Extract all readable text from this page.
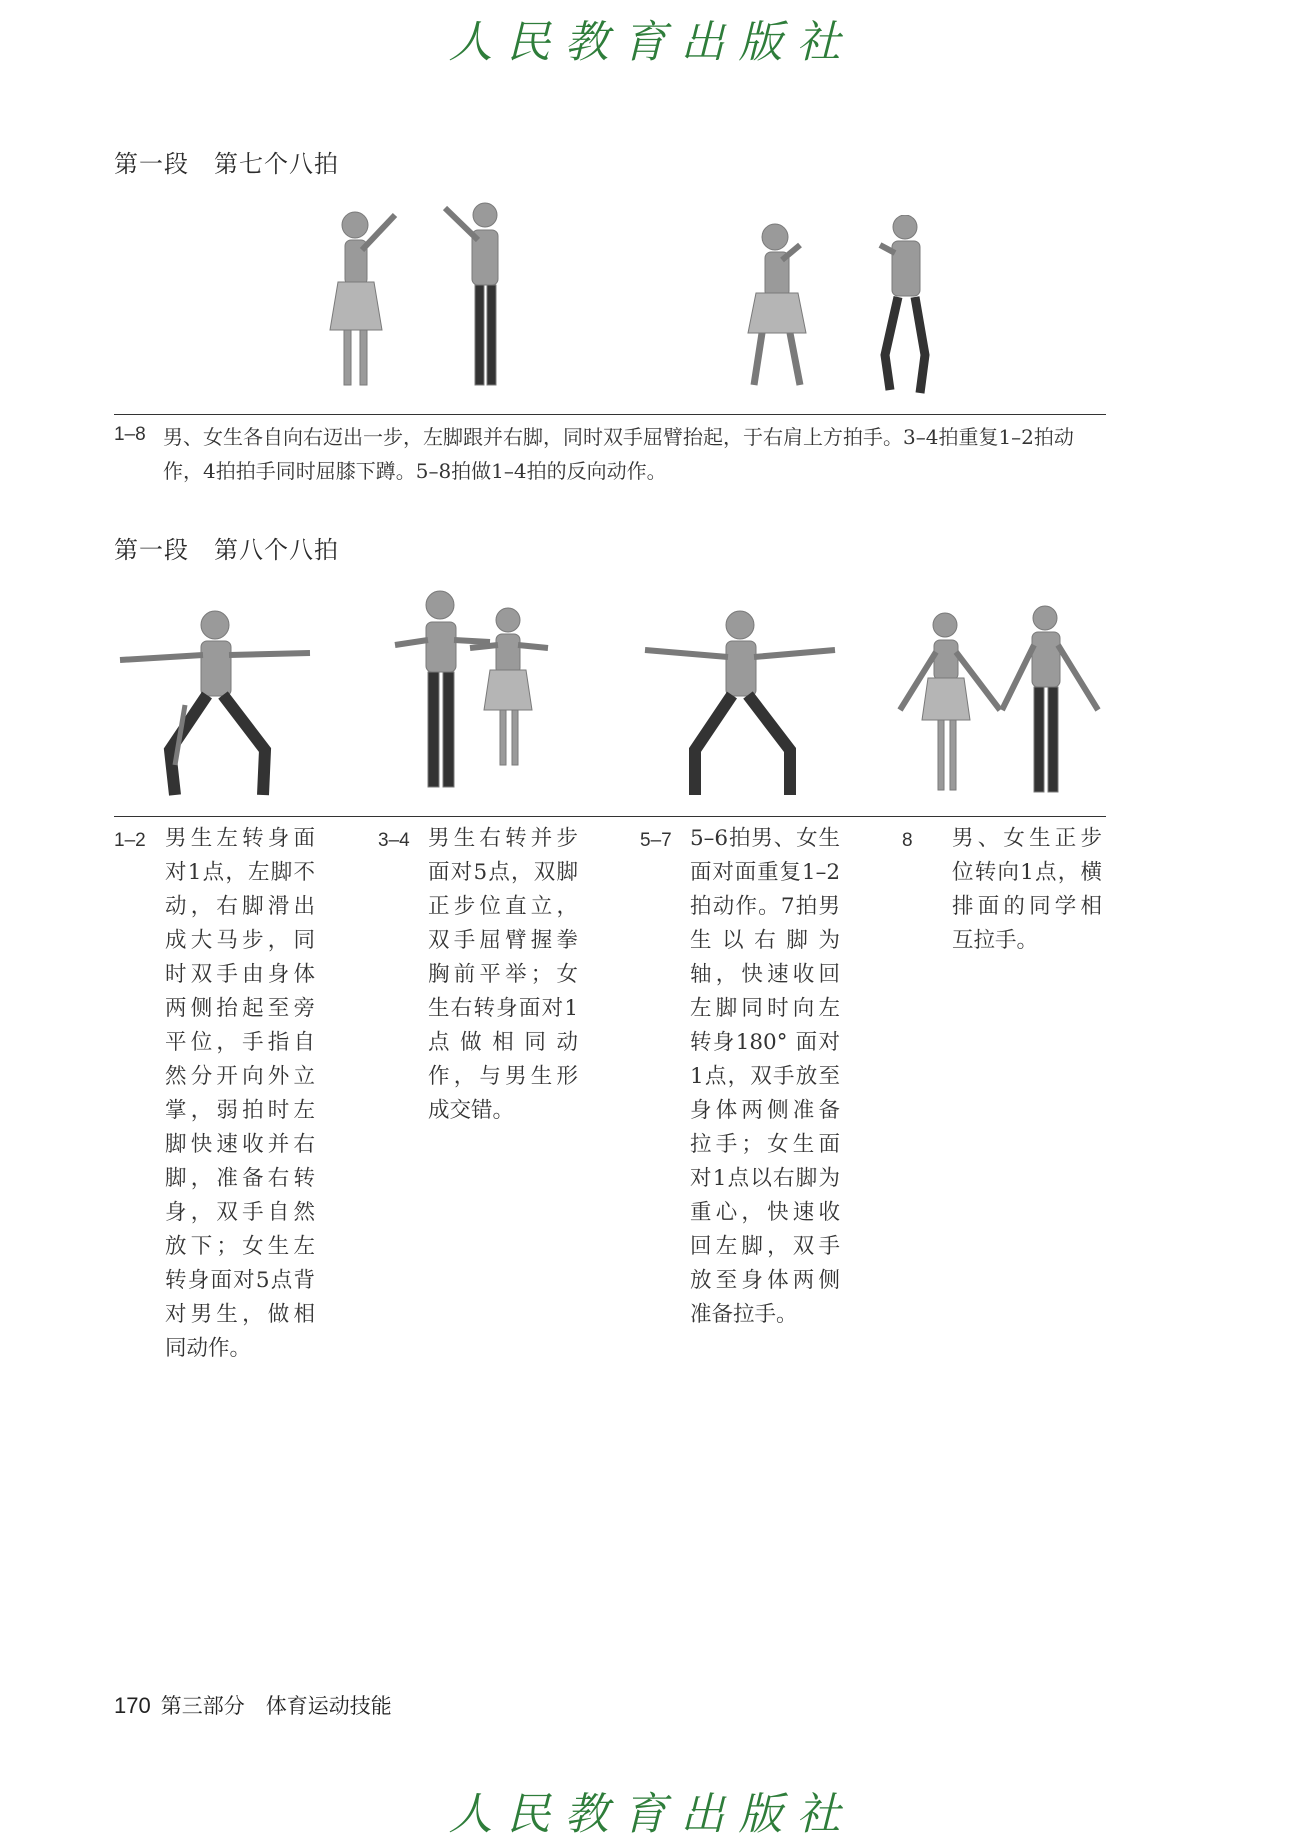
人民教育出版社
第一段　第七个八拍
1–8 男、女生各自向右迈出一步，左脚跟并右脚，同时双手屈臂抬起，于右肩上方拍手。3–4拍重复1–2拍动作，4拍拍手同时屈膝下蹲。5–8拍做1–4拍的反向动作。
第一段　第八个八拍
1–2 男生左转身面对1点，左脚不动，右脚滑出成大马步，同时双手由身体两侧抬起至旁平位，手指自然分开向外立掌，弱拍时左脚快速收并右脚，准备右转身，双手自然放下；女生左转身面对5点背对男生，做相同动作。
3–4 男生右转并步面对5点，双脚正步位直立，双手屈臂握拳胸前平举；女生右转身面对1点做相同动作，与男生形成交错。
5–7 5–6拍男、女生面对面重复1–2拍动作。7拍男生以右脚为轴，快速收回左脚同时向左转身180° 面对1点，双手放至身体两侧准备拉手；女生面对1点以右脚为重心，快速收回左脚，双手放至身体两侧准备拉手。
8 男、女生正步位转向1点，横排面的同学相互拉手。
170 第三部分　体育运动技能
人民教育出版社
